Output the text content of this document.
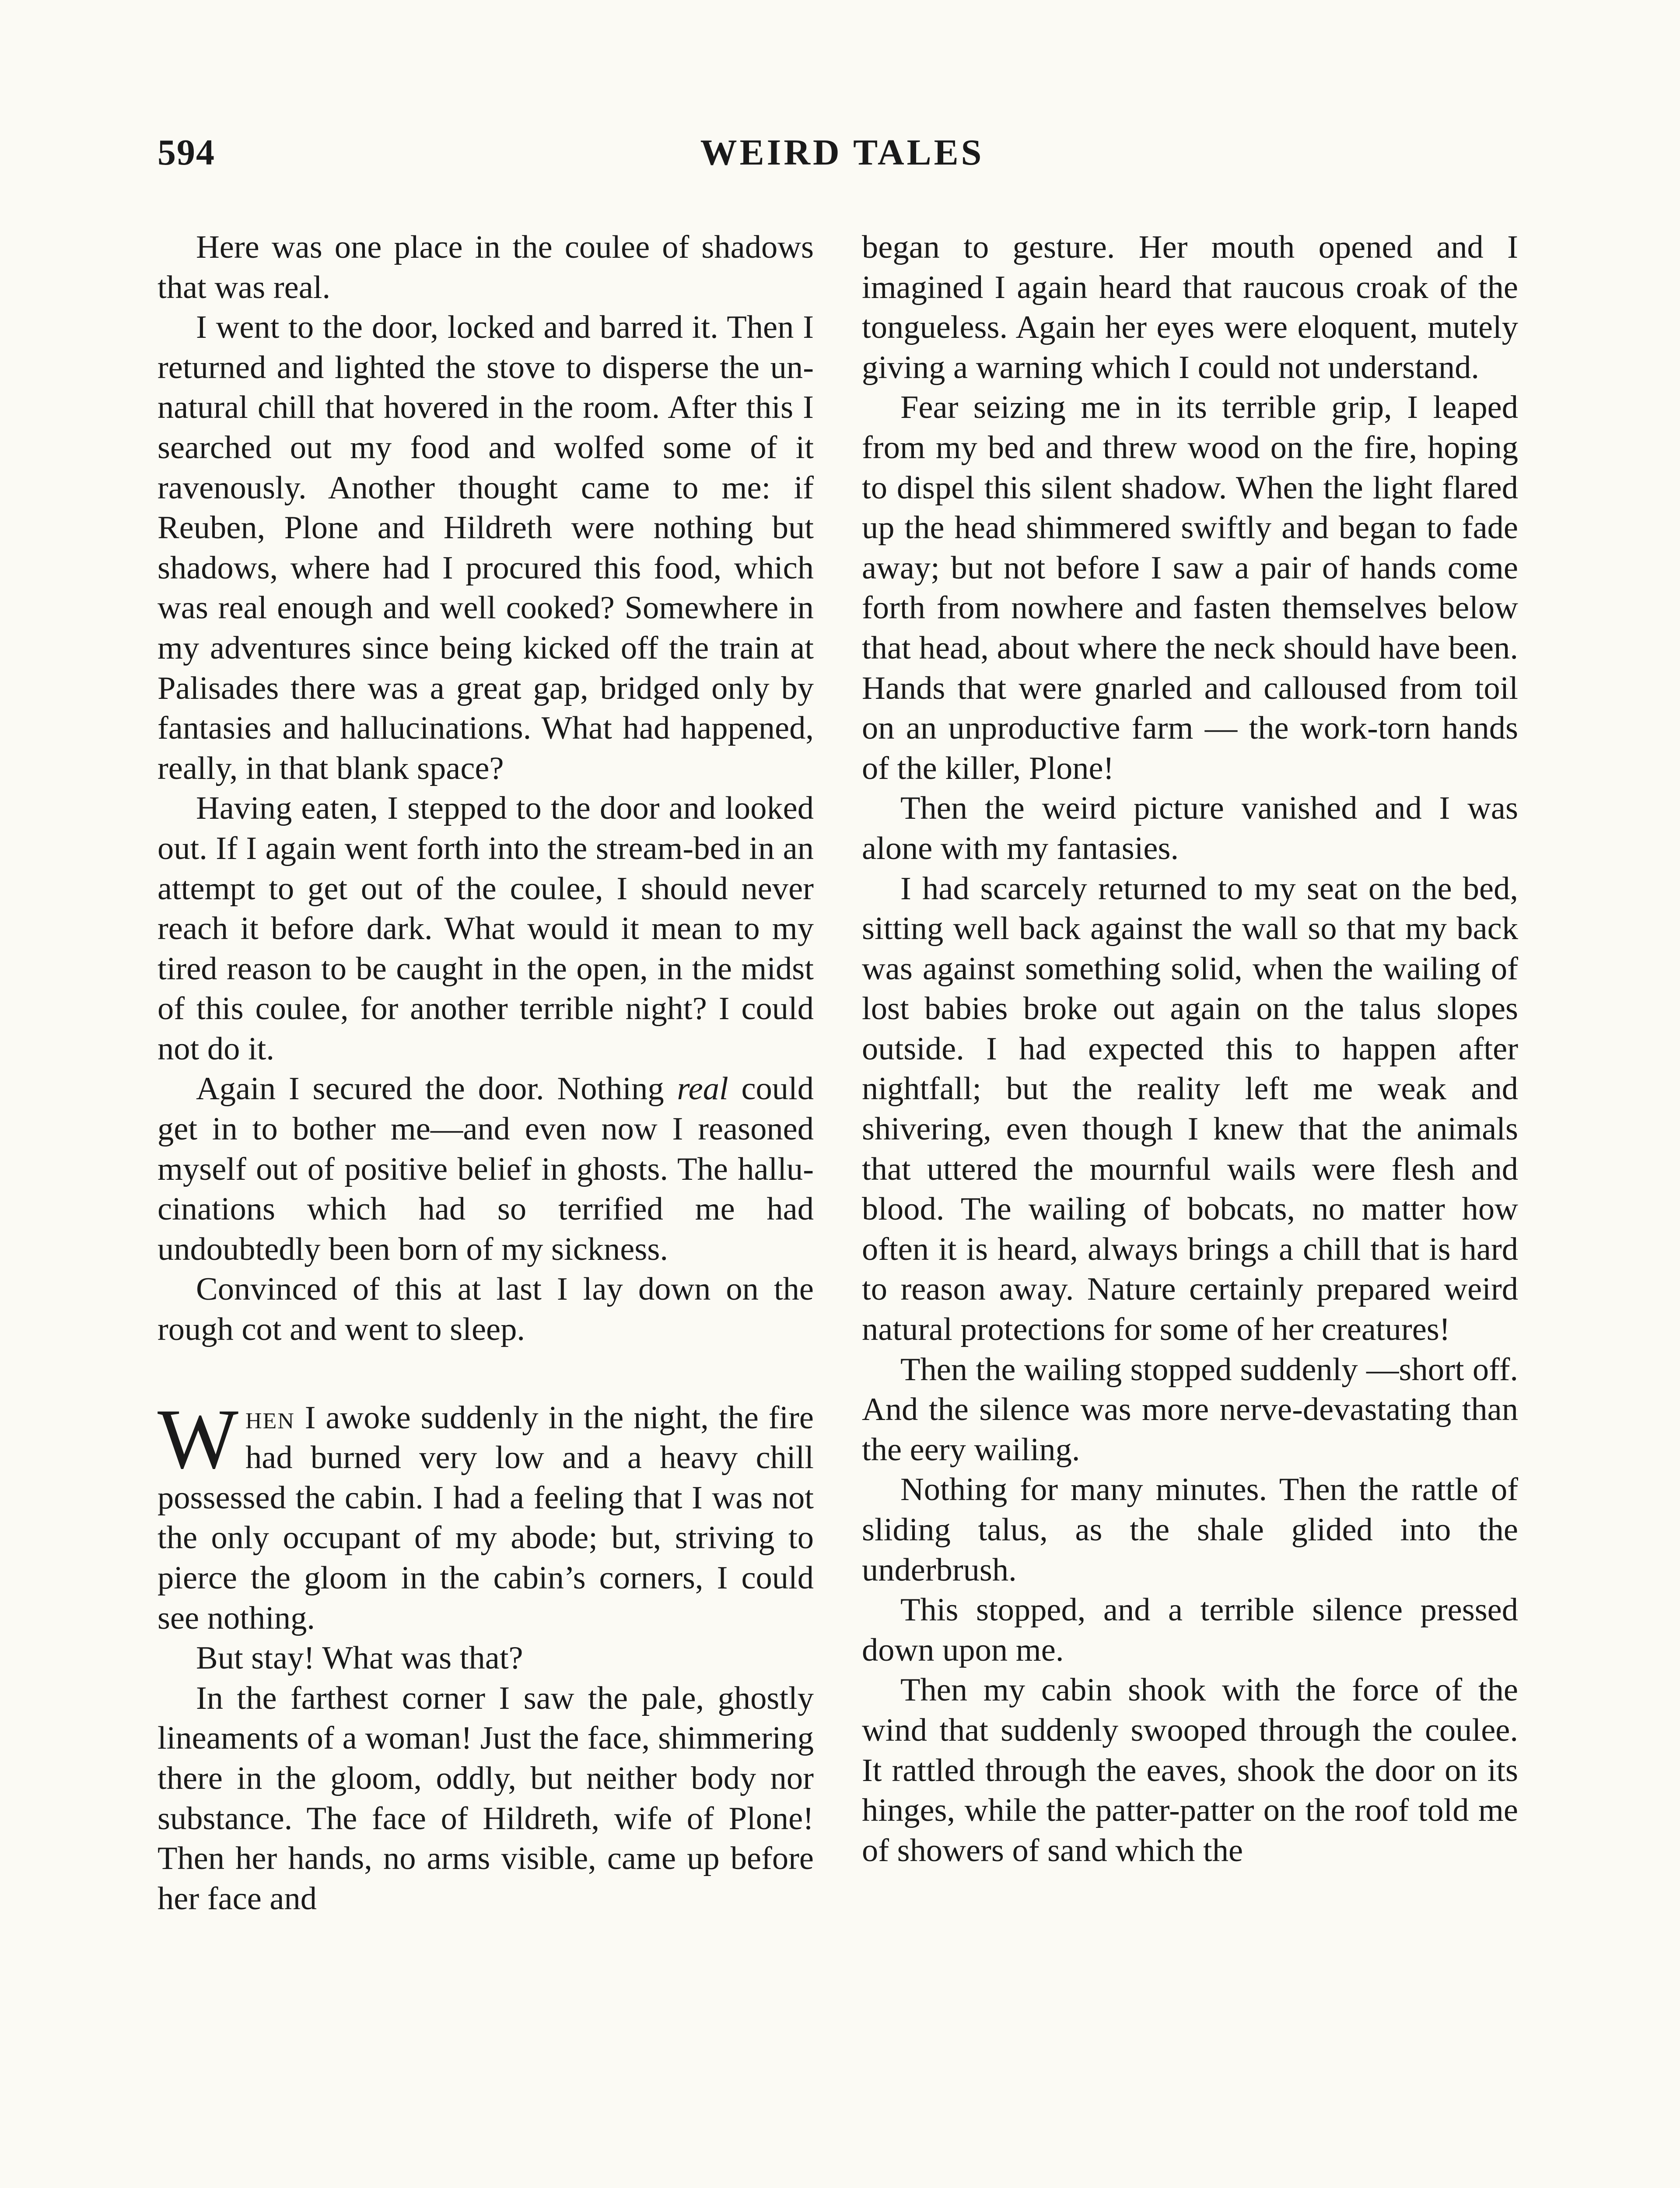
594	WEIRD TALES

Here was one place in the coulee of shadows that was real.

I went to the door, locked and barred it. Then I returned and lighted the stove to disperse the unnatural chill that hovered in the room. After this I searched out my food and wolfed some of it ravenously. Another thought came to me: if Reuben, Plone and Hildreth were nothing but shadows, where had I procured this food, which was real enough and well cooked? Somewhere in my adventures since being kicked off the train at Palisades there was a great gap, bridged only by fantasies and hallucinations. What had happened, really, in that blank space?

Having eaten, I stepped to the door and looked out. If I again went forth into the stream-bed in an attempt to get out of the coulee, I should never reach it before dark. What would it mean to my tired reason to be caught in the open, in the midst of this coulee, for another terrible night? I could not do it.

Again I secured the door. Nothing real could get in to bother me—and even now I reasoned myself out of positive belief in ghosts. The hallucinations which had so terrified me had undoubtedly been born of my sickness.

Convinced of this at last I lay down on the rough cot and went to sleep.

When I awoke suddenly in the night, the fire had burned very low and a heavy chill possessed the cabin. I had a feeling that I was not the only occupant of my abode; but, striving to pierce the gloom in the cabin’s corners, I could see nothing.

But stay! What was that?

In the farthest corner I saw the pale, ghostly lineaments of a woman! Just the face, shimmering there in the gloom, oddly, but neither body nor substance. The face of Hildreth, wife of Plone! Then her hands, no arms visible, came up before her face and

began to gesture. Her mouth opened and I imagined I again heard that raucous croak of the tongueless. Again her eyes were eloquent, mutely giving a warning which I could not understand.

Fear seizing me in its terrible grip, I leaped from my bed and threw wood on the fire, hoping to dispel this silent shadow. When the light flared up the head shimmered swiftly and began to fade away; but not before I saw a pair of hands come forth from nowhere and fasten themselves below that head, about where the neck should have been. Hands that were gnarled and calloused from toil on an unproductive farm — the work-torn hands of the killer, Plone!

Then the weird picture vanished and I was alone with my fantasies.

I had scarcely returned to my seat on the bed, sitting well back against the wall so that my back was against something solid, when the wailing of lost babies broke out again on the talus slopes outside. I had expected this to happen after nightfall; but the reality left me weak and shivering, even though I knew that the animals that uttered the mournful wails were flesh and blood. The wailing of bobcats, no matter how often it is heard, always brings a chill that is hard to reason away. Nature certainly prepared weird natural protections for some of her creatures!

Then the wailing stopped suddenly —short off. And the silence was more nerve-devastating than the eery wailing.

Nothing for many minutes. Then the rattle of sliding talus, as the shale glided into the underbrush.

This stopped, and a terrible silence pressed down upon me.

Then my cabin shook with the force of the wind that suddenly swooped through the coulee. It rattled through the eaves, shook the door on its hinges, while the patter-patter on the roof told me of showers of sand which the
